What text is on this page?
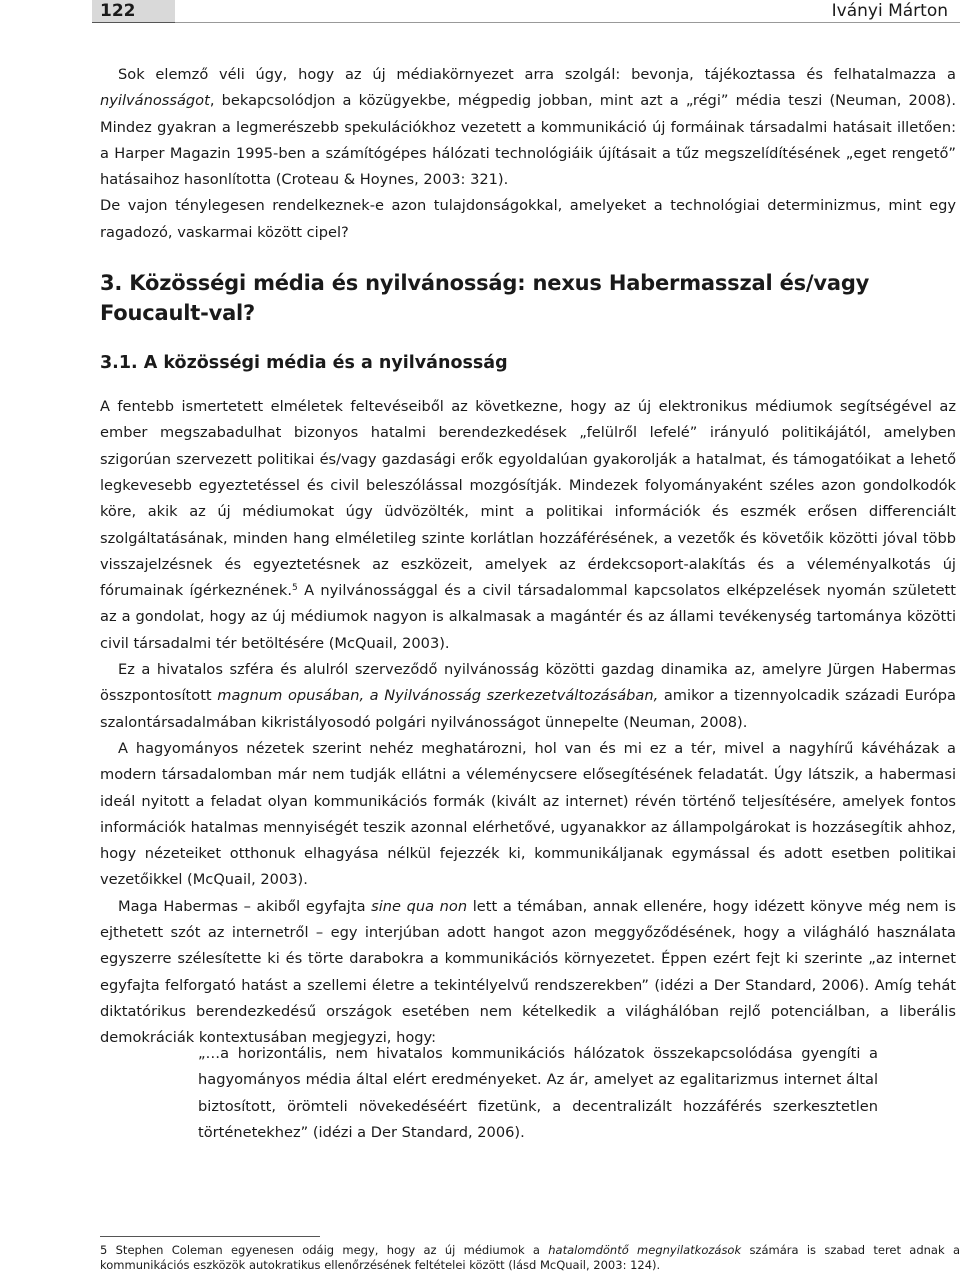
122	Iványi Márton

Sok elemző véli úgy, hogy az új médiakörnyezet arra szolgál: bevonja, tájékoztassa és felhatalmazza a nyilvánosságot, bekapcsolódjon a közügyekbe, mégpedig jobban, mint azt a „régi” média teszi (Neuman, 2008). Mindez gyakran a legmerészebb spekulációkhoz vezetett a kommunikáció új formáinak társadalmi hatásait illetően: a Harper Magazin 1995-ben a számítógépes hálózati technológiáik újításait a tűz megszelídítésének „eget rengető” hatásaihoz hasonlította (Croteau & Hoynes, 2003: 321).

De vajon ténylegesen rendelkeznek-e azon tulajdonságokkal, amelyeket a technológiai determinizmus, mint egy ragadozó, vaskarmai között cipel?

3. Közösségi média és nyilvánosság: nexus Habermasszal és/vagy Foucault-val?
3.1. A közösségi média és a nyilvánosság

A fentebb ismertetett elméletek feltevéseiből az következne, hogy az új elektronikus médiumok segítségével az ember megszabadulhat bizonyos hatalmi berendezkedések „felülről lefelé” irányuló politikájától, amelyben szigorúan szervezett politikai és/vagy gazdasági erők egyoldalúan gyakorolják a hatalmat, és támogatóikat a lehető legkevesebb egyeztetéssel és civil beleszólással mozgósítják. Mindezek folyományaként széles azon gondolkodók köre, akik az új médiumokat úgy üdvözölték, mint a politikai információk és eszmék erősen differenciált szolgáltatásának, minden hang elméletileg szinte korlátlan hozzáférésének, a vezetők és követőik közötti jóval több visszajelzésnek és egyeztetésnek az eszközeit, amelyek az érdekcsoport-alakítás és a véleményalkotás új fórumainak ígérkeznének.$^5$ A nyilvánossággal és a civil társadalommal kapcsolatos elképzelések nyomán született az a gondolat, hogy az új médiumok nagyon is alkalmasak a magántér és az állami tevékenység tartománya közötti civil társadalmi tér betöltésére (McQuail, 2003).

Ez a hivatalos szféra és alulról szerveződő nyilvánosság közötti gazdag dinamika az, amelyre Jürgen Habermas összpontosított magnum opusában, a Nyilvánosság szerkezetváltozásában, amikor a tizennyolcadik századi Európa szalontársadalmában kikristályosodó polgári nyilvánosságot ünnepelte (Neuman, 2008).

A hagyományos nézetek szerint nehéz meghatározni, hol van és mi ez a tér, mivel a nagyhírű kávéházak a modern társadalomban már nem tudják ellátni a véleménycsere elősegítésének feladatát. Úgy látszik, a habermasi ideál nyitott a feladat olyan kommunikációs formák (kivált az internet) révén történő teljesítésére, amelyek fontos információk hatalmas mennyiségét teszik azonnal elérhetővé, ugyanakkor az állampolgárokat is hozzásegítik ahhoz, hogy nézeteiket otthonuk elhagyása nélkül fejezzék ki, kommunikáljanak egymással és adott esetben politikai vezetőikkel (McQuail, 2003).

Maga Habermas – akiből egyfajta sine qua non lett a témában, annak ellenére, hogy idézett könyve még nem is ejthetett szót az internetről – egy interjúban adott hangot azon meggyőződésének, hogy a világháló használata egyszerre szélesítette ki és törte darabokra a kommunikációs környezetet. Éppen ezért fejt ki szerinte „az internet egyfajta felforgató hatást a szellemi életre a tekintélyelvű rendszerekben” (idézi a Der Standard, 2006). Amíg tehát diktatórikus berendezkedésű országok esetében nem kételkedik a világhálóban rejlő potenciálban, a liberális demokráciák kontextusában megjegyzi, hogy:

„…a horizontális, nem hivatalos kommunikációs hálózatok összekapcsolódása gyengíti a hagyományos média által elért eredményeket. Az ár, amelyet az egalitarizmus internet által biztosított, örömteli növekedéséért fizetünk, a decentralizált hozzáférés szerkesztetlen történetekhez” (idézi a Der Standard, 2006).

5 Stephen Coleman egyenesen odáig megy, hogy az új médiumok a hatalomdöntő megnyilatkozások számára is szabad teret adnak a kommunikációs eszközök autokratikus ellenőrzésének feltételei között (lásd McQuail, 2003: 124).
